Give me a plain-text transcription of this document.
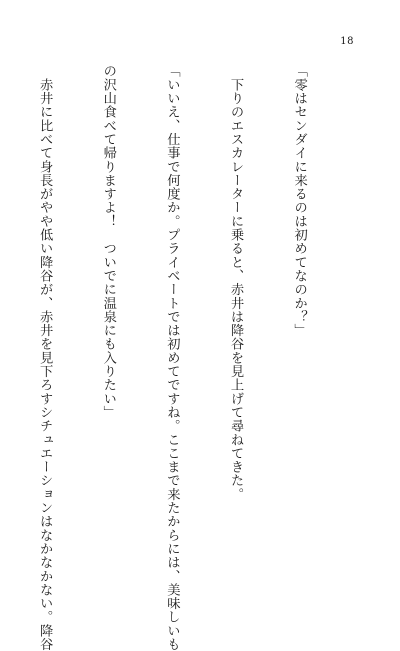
18

「零はセンダイに来るのは初めてなのか？」

　下りのエスカレーターに乗ると、赤井は降谷を見上げて尋ねてきた。

「いいえ、仕事で何度か。プライベートでは初めてですね。ここまで来たからには、美味しいも

の沢山食べて帰りますよ！　ついでに温泉にも入りたい」

　赤井に比べて身長がやや低い降谷が、赤井を見下ろすシチュエーションはなかなかない。降谷
